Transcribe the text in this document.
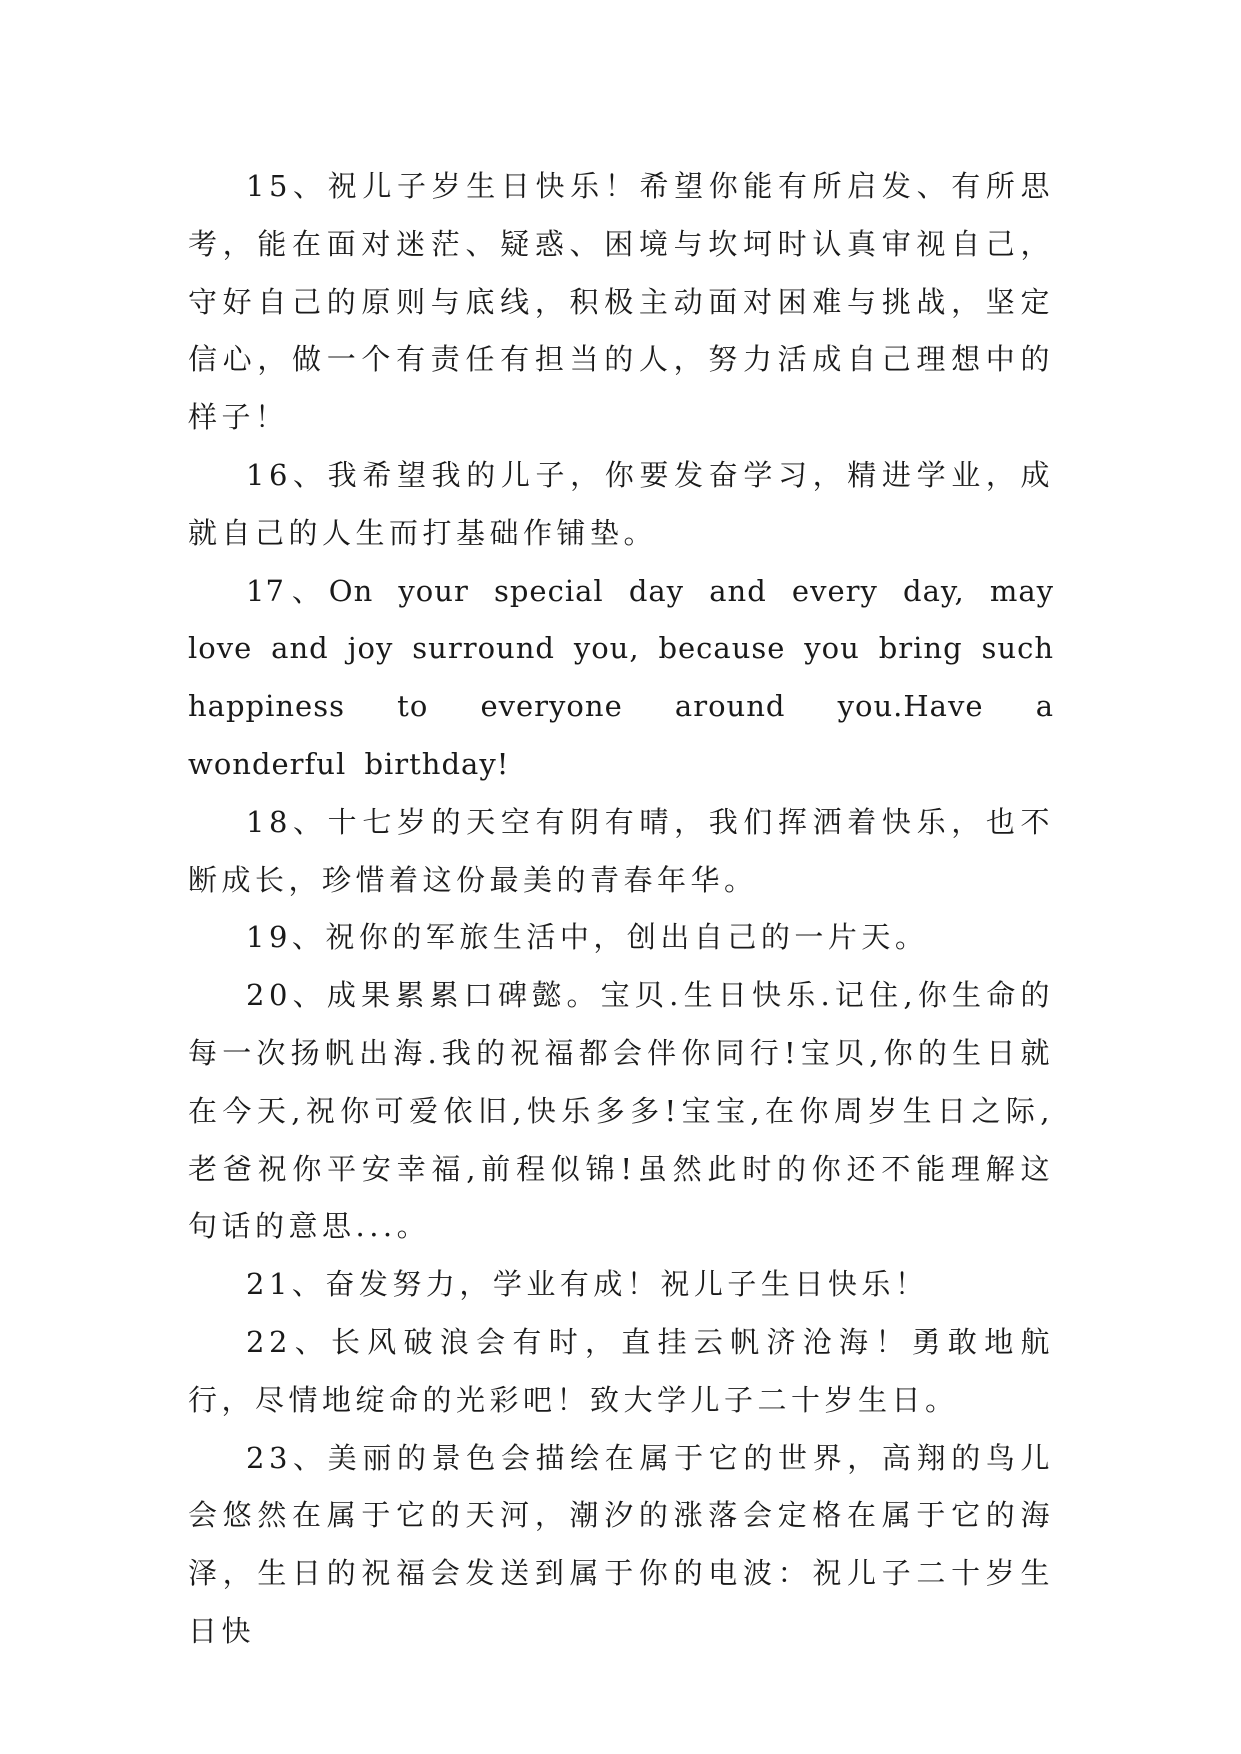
15、祝儿子岁生日快乐！希望你能有所启发、有所思考，能在面对迷茫、疑惑、困境与坎坷时认真审视自己，守好自己的原则与底线，积极主动面对困难与挑战，坚定信心，做一个有责任有担当的人，努力活成自己理想中的样子！

16、我希望我的儿子，你要发奋学习，精进学业，成就自己的人生而打基础作铺垫。

17、On your special day and every day, may love and joy surround you, because you bring such happiness to everyone around you.Have a wonderful birthday!

18、十七岁的天空有阴有晴，我们挥洒着快乐，也不断成长，珍惜着这份最美的青春年华。

19、祝你的军旅生活中，创出自己的一片天。

20、成果累累口碑懿。宝贝.生日快乐.记住,你生命的每一次扬帆出海.我的祝福都会伴你同行!宝贝,你的生日就在今天,祝你可爱依旧,快乐多多!宝宝,在你周岁生日之际,老爸祝你平安幸福,前程似锦!虽然此时的你还不能理解这句话的意思...。

21、奋发努力，学业有成！祝儿子生日快乐！

22、长风破浪会有时，直挂云帆济沧海！勇敢地航行，尽情地绽命的光彩吧！致大学儿子二十岁生日。

23、美丽的景色会描绘在属于它的世界，高翔的鸟儿会悠然在属于它的天河，潮汐的涨落会定格在属于它的海泽，生日的祝福会发送到属于你的电波：祝儿子二十岁生日快
